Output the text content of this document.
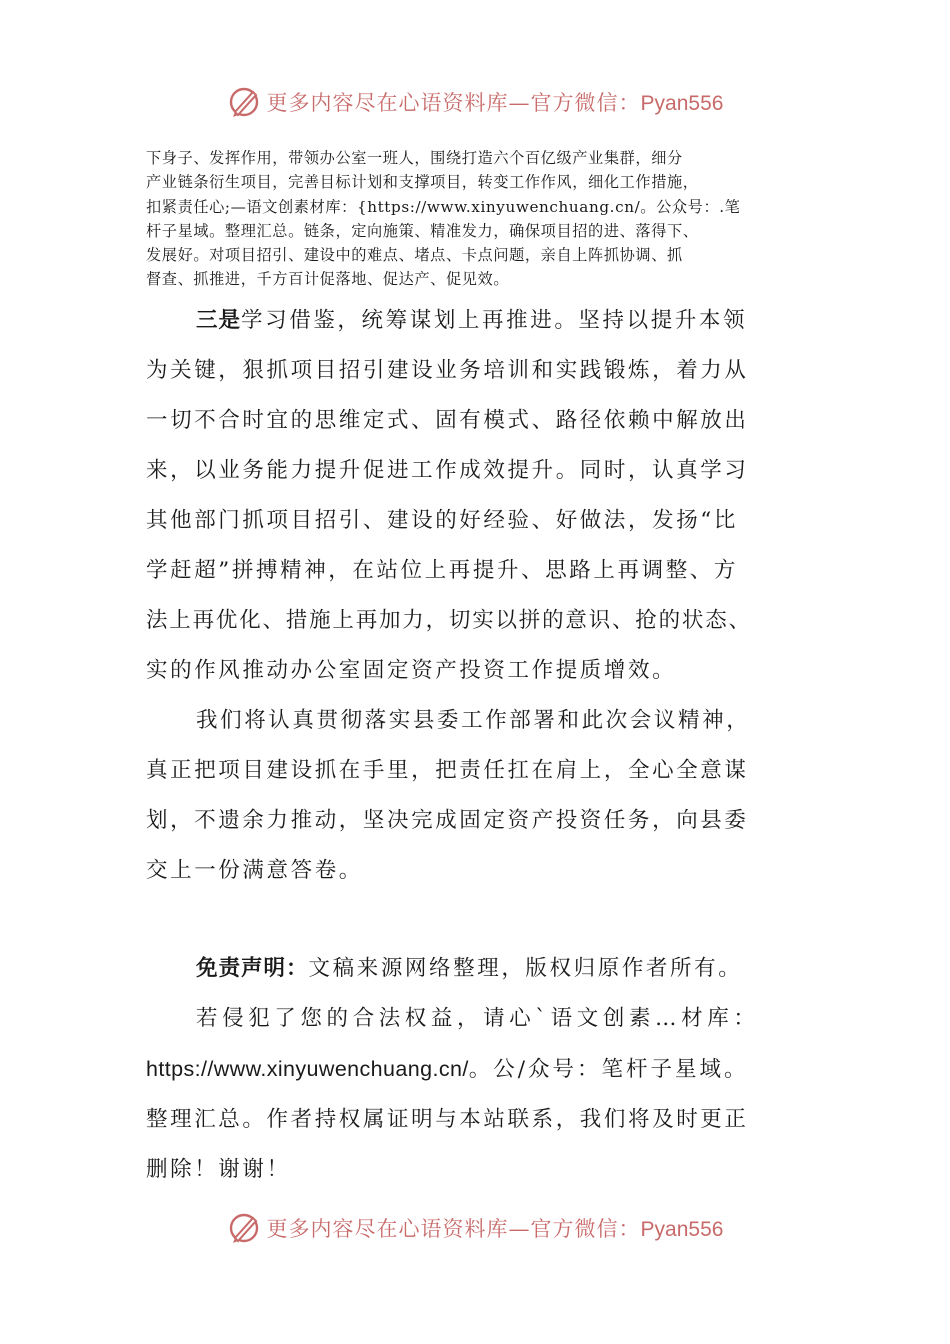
更多内容尽在心语资料库—官方微信：Pyan556
下身子、发挥作用，带领办公室一班人，围绕打造六个百亿级产业集群，细分
产业链条衍生项目，完善目标计划和支撑项目，转变工作作风，细化工作措施，
扣紧责任心;—语文创素材库：{https://www.xinyuwenchuang.cn/。公众号：.笔
杆子星域。整理汇总。链条，定向施策、精准发力，确保项目招的进、落得下、
发展好。对项目招引、建设中的难点、堵点、卡点问题，亲自上阵抓协调、抓
督查、抓推进，千方百计促落地、促达产、促见效。
三是学习借鉴，统筹谋划上再推进。坚持以提升本领
为关键，狠抓项目招引建设业务培训和实践锻炼，着力从
一切不合时宜的思维定式、固有模式、路径依赖中解放出
来，以业务能力提升促进工作成效提升。同时，认真学习
其他部门抓项目招引、建设的好经验、好做法，发扬“比
学赶超”拼搏精神，在站位上再提升、思路上再调整、方
法上再优化、措施上再加力，切实以拼的意识、抢的状态、
实的作风推动办公室固定资产投资工作提质增效。
我们将认真贯彻落实县委工作部署和此次会议精神，
真正把项目建设抓在手里，把责任扛在肩上，全心全意谋
划，不遗余力推动，坚决完成固定资产投资任务，向县委
交上一份满意答卷。
免责声明：文稿来源网络整理，版权归原作者所有。
若侵犯了您的合法权益，请心`语文创素…材库：
https://www.xinyuwenchuang.cn/。公/众号：笔杆子星域。
整理汇总。作者持权属证明与本站联系，我们将及时更正
删除！谢谢！
更多内容尽在心语资料库—官方微信：Pyan556
